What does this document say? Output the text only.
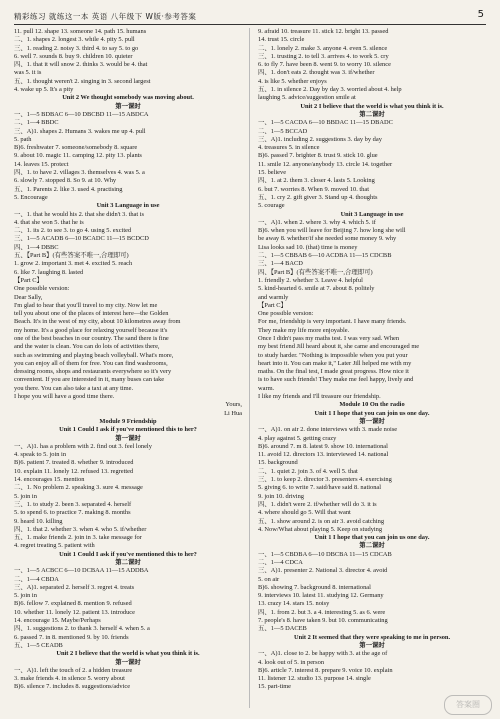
精彩练习 就练这一本 英语 八年级下 W版·参考答案	5
11. pull 12. shape 13. someone 14. path 15. humans
二、1. shapes 2. longest 3. while 4. pity 5. pull
三、1. reading 2. noisy 3. third 4. to say 5. to go
6. well 7. sounds 8. buy 9. children 10. quieter
四、1. that it will snow 2. thinks 3. would be 4. that
was 5. it is
五、1. thought weren't 2. singing in 3. second largest
4. wake up 5. It's a pity
Unit 2 We thought somebody was moving about.
第一课时
一、1—5 BDBAC 6—10 DBCBD 11—15 ABDCA
二、1—4 BBDC
三、A)1. shapes 2. Humans 3. wakes me up 4. pull
5. path
B)6. freshwater 7. someone/somebody 8. square
9. about 10. magic 11. camping 12. pity 13. plants
14. leaves 15. protect
四、1. to have 2. villages 3. themselves 4. was 5. a
6. slowly 7. stopped 8. So 9. at 10. Why
五、1. Parents 2. like 3. used 4. practising
5. Encourage
Unit 3 Language in use
一、1. that he would his 2. that she didn't 3. that is
4. that she won 5. that he is
二、1. its 2. to see 3. to go 4. using 5. excited
三、1—5 ACADB 6—10 BCADC 11—15 BCDCD
四、1—4 DBBC
五、【Part B】(有些答案不唯一,合理即可)
1. grow 2. important 3. met 4. excited 5. reach
6. like 7. laughing 8. lasted
【Part C】
One possible version:
Dear Sally,
I'm glad to hear that you'll travel to my city. Now let me
tell you about one of the places of interest here—the Golden
Beach. It's in the west of my city, about 10 kilometres away from
my home. It's a good place for relaxing yourself because it's
one of the best beaches in our country. The sand there is fine
and the water is clean. You can do lots of activities there,
such as swimming and playing beach volleyball. What's more,
you can enjoy all of them for free. You can find washrooms,
dressing rooms, shops and restaurants everywhere so it's very
convenient. If you are interested in it, many buses can take
you there. You can also take a taxi at any time.
I hope you will have a good time there.
Yours,
Li Hua
Module 9 Friendship
Unit 1 Could I ask if you've mentioned this to her?
第一课时
一、A)1. has a problem with 2. find out 3. feel lonely
4. speak to 5. join in
B)6. patient 7. treated 8. whether 9. introduced
10. explain 11. lonely 12. refused 13. regretted
14. encourages 15. mention
二、1. No problem 2. speaking 3. sure 4. message
5. join in
三、1. to study 2. been 3. separated 4. herself
5. to spend 6. to practice 7. making 8. months
9. heard 10. killing
四、1. that 2. whether 3. when 4. who 5. if/whether
五、1. make friends 2. join in 3. take message for
4. regret treating 5. patient with
Unit 1 Could I ask if you've mentioned this to her?
第二课时
一、1—5 ACBCC 6—10 DCBAA 11—15 ADDBA
二、1—4 CBDA
三、A)1. separated 2. herself 3. regret 4. treats
5. join in
B)6. fellow 7. explained 8. mention 9. refused
10. whether 11. lonely 12. patient 13. introduce
14. encourage 15. Maybe/Perhaps
四、1. suggestions 2. to thank 3. herself 4. when 5. a
6. passed 7. in 8. mentioned 9. by 10. friends
五、1—5 CEADB
Unit 2 I believe that the world is what you think it is.
第一课时
一、A)1. left the touch of 2. a hidden treasure
3. make friends 4. in silence 5. worry about
B)6. silence 7. includes 8. suggestions/advice
9. afraid 10. treasure 11. stick 12. bright 13. passed
14. trust 15. circle
二、1. lonely 2. make 3. anyone 4. even 5. silence
三、1. trusting 2. to tell 3. arrives 4. to work 5. cry
6. to fly 7. have been 8. went 9. to worry 10. silence
四、1. don't eats 2. thought was 3. if/whether
4. is like 5. whether enjoys
五、1. in silence 2. Day by day 3. worried about 4. help
laughing 5. advice/suggestion smile at
Unit 2 I believe that the world is what you think it is.
第二课时
一、1—5 CACDA 6—10 BBDAC 11—15 DBADC
二、1—5 BCCAD
三、A)1. including 2. suggestions 3. day by day
4. treasures 5. in silence
B)6. passed 7. brighter 8. trust 9. stick 10. glue
11. smile 12. anyone/anybody 13. circle 14. together
15. believe
四、1. at 2. them 3. closer 4. lasts 5. Looking
6. but 7. worries 8. When 9. moved 10. that
五、1. cry 2. gift giver 3. Stand up 4. thoughts
5. courage
Unit 3 Language in use
一、A)1. when 2. where 3. why 4. which 5. if
B)6. when you will leave for Beijing 7. how long she will
be away 8. whether/if she needed some money 9. why
Lisa looks sad 10. (that) time is money
二、1—5 CBBAB 6—10 ACDBA 11—15 CDCBB
三、1—4 BACD
四、【Part B】(有些答案不唯一,合理即可)
1. friendly 2. whether 3. Leave 4. helpful
5. kind-hearted 6. smile at 7. about 8. politely
and warmly
【Part C】
One possible version:
For me, friendship is very important. I have many friends.
They make my life more enjoyable.
Once I didn't pass my maths test. I was very sad. When
my best friend Jill heard about it, she came and encouraged me
to study harder. "Nothing is impossible when you put your
heart into it. You can make it," Later Jill helped me with my
maths. On the final test, I made great progress. How nice it
is to have such friends! They make me feel happy, lively and
warm.
I like my friends and I'll treasure our friendship.
Module 10 On the radio
Unit 1 I hope that you can join us one day.
第一课时
一、A)1. on air 2. done interviews with 3. made noise
4. play against 5. getting crazy
B)6. around 7. m 8. latest 9. show 10. international
11. avoid 12. directors 13. interviewed 14. national
15. background
二、1. quiet 2. join 3. of 4. well 5. that
三、1. to keep 2. director 3. presenters 4. exercising
5. giving 6. to write 7. said/have said 8. national
9. join 10. driving
四、1. didn't were 2. if/whether will do 3. it is
4. where should go 5. Will that want
五、1. show around 2. is on air 3. avoid catching
4. Now/What about playing 5. Keep on studying
Unit 1 I hope that you can join us one day.
第二课时
一、1—5 CBDBA 6—10 DBCBA 11—15 CDCAB
二、1—4 CDCA
三、A)1. presenter 2. National 3. director 4. avoid
5. on air
B)6. showing 7. background 8. international
9. interviews 10. latest 11. studying 12. Germany
13. crazy 14. stars 15. noisy
四、1. from 2. but 3. a 4. interesting 5. as 6. were
7. people's 8. have taken 9. but 10. communicating
五、1—5 DACEB
Unit 2 It seemed that they were speaking to me in person.
第一课时
一、A)1. close to 2. be happy with 3. at the age of
4. look out of 5. in person
B)6. article 7. interest 8. prepare 9. voice 10. explain
11. listener 12. studio 13. purpose 14. single
15. part-time
答案圈
